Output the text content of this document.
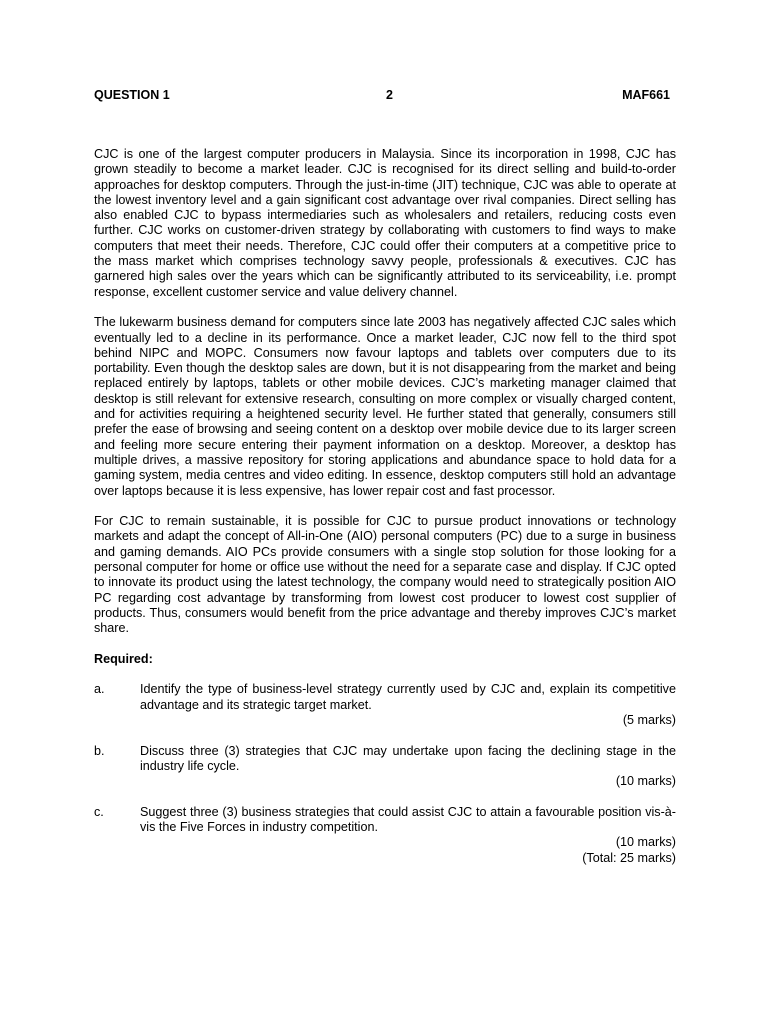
QUESTION 1	2	MAF661

CJC is one of the largest computer producers in Malaysia. Since its incorporation in 1998, CJC has grown steadily to become a market leader. CJC is recognised for its direct selling and build-to-order approaches for desktop computers. Through the just-in-time (JIT) technique, CJC was able to operate at the lowest inventory level and a gain significant cost advantage over rival companies. Direct selling has also enabled CJC to bypass intermediaries such as wholesalers and retailers, reducing costs even further. CJC works on customer-driven strategy by collaborating with customers to find ways to make computers that meet their needs. Therefore, CJC could offer their computers at a competitive price to the mass market which comprises technology savvy people, professionals & executives. CJC has garnered high sales over the years which can be significantly attributed to its serviceability, i.e. prompt response, excellent customer service and value delivery channel.

The lukewarm business demand for computers since late 2003 has negatively affected CJC sales which eventually led to a decline in its performance. Once a market leader, CJC now fell to the third spot behind NIPC and MOPC. Consumers now favour laptops and tablets over computers due to its portability. Even though the desktop sales are down, but it is not disappearing from the market and being replaced entirely by laptops, tablets or other mobile devices. CJC’s marketing manager claimed that desktop is still relevant for extensive research, consulting on more complex or visually charged content, and for activities requiring a heightened security level. He further stated that generally, consumers still prefer the ease of browsing and seeing content on a desktop over mobile device due to its larger screen and feeling more secure entering their payment information on a desktop. Moreover, a desktop has multiple drives, a massive repository for storing applications and abundance space to hold data for a gaming system, media centres and video editing. In essence, desktop computers still hold an advantage over laptops because it is less expensive, has lower repair cost and fast processor.

For CJC to remain sustainable, it is possible for CJC to pursue product innovations or technology markets and adapt the concept of All-in-One (AIO) personal computers (PC) due to a surge in business and gaming demands. AIO PCs provide consumers with a single stop solution for those looking for a personal computer for home or office use without the need for a separate case and display. If CJC opted to innovate its product using the latest technology, the company would need to strategically position AIO PC regarding cost advantage by transforming from lowest cost producer to lowest cost supplier of products. Thus, consumers would benefit from the price advantage and thereby improves CJC’s market share.

Required:
a.	Identify the type of business-level strategy currently used by CJC and, explain its competitive advantage and its strategic target market.
(5 marks)
b.	Discuss three (3) strategies that CJC may undertake upon facing the declining stage in the industry life cycle.
(10 marks)
c.	Suggest three (3) business strategies that could assist CJC to attain a favourable position vis-à-vis the Five Forces in industry competition.
(10 marks)
(Total: 25 marks)
